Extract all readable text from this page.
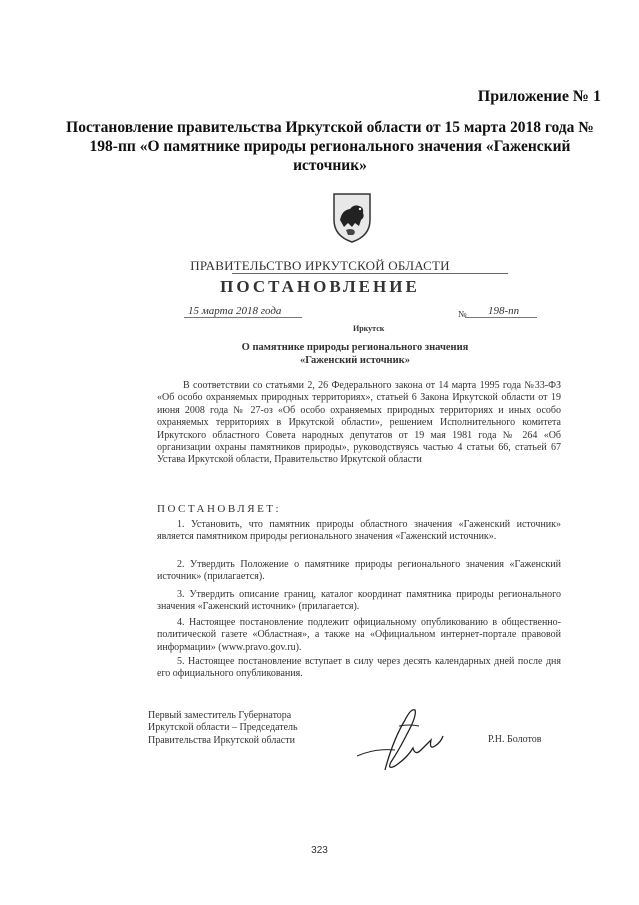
Приложение № 1
Постановление правительства Иркутской области от 15 марта 2018 года № 198-пп «О памятнике природы регионального значения «Гаженский источник»
ПРАВИТЕЛЬСТВО ИРКУТСКОЙ ОБЛАСТИ
ПОСТАНОВЛЕНИЕ
15 марта 2018 года	№ 198-пп
Иркутск
О памятнике природы регионального значения
«Гаженский источник»
В соответствии со статьями 2, 26 Федерального закона от 14 марта 1995 года №33-ФЗ «Об особо охраняемых природных территориях», статьей 6 Закона Иркутской области от 19 июня 2008 года № 27-оз «Об особо охраняемых природных территориях и иных особо охраняемых территориях в Иркутской области», решением Исполнительного комитета Иркутского областного Совета народных депутатов от 19 мая 1981 года № 264 «Об организации охраны памятников природы», руководствуясь частью 4 статьи 66, статьей 67 Устава Иркутской области, Правительство Иркутской области
ПОСТАНОВЛЯЕТ:
1. Установить, что памятник природы областного значения «Гаженский источник» является памятником природы регионального значения «Гаженский источник».
2. Утвердить Положение о памятнике природы регионального значения «Гаженский источник» (прилагается).
3. Утвердить описание границ, каталог координат памятника природы регионального значения «Гаженский источник» (прилагается).
4. Настоящее постановление подлежит официальному опубликованию в общественно-политической газете «Областная», а также на «Официальном интернет-портале правовой информации» (www.pravo.gov.ru).
5. Настоящее постановление вступает в силу через десять календарных дней после дня его официального опубликования.
Первый заместитель Губернатора
Иркутской области – Председатель
Правительства Иркутской области	Р.Н. Болотов
323
